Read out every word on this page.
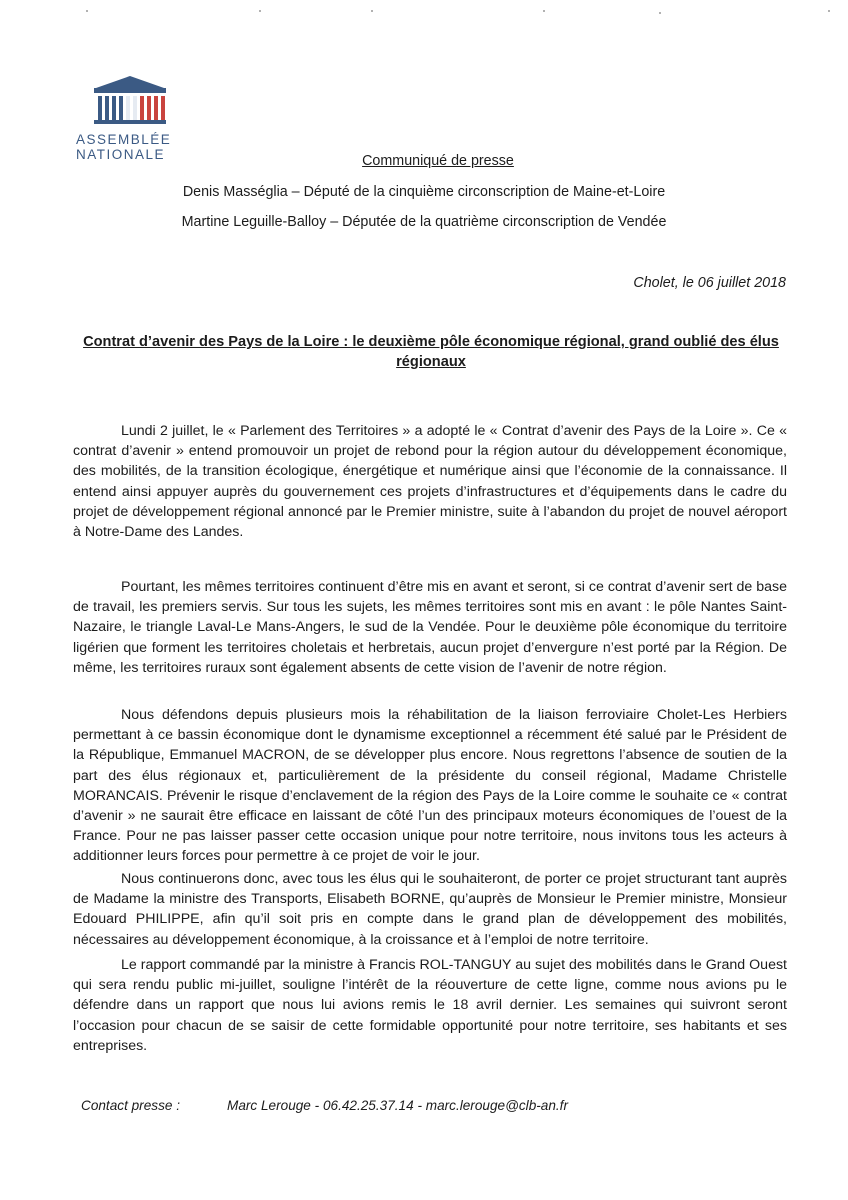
ASSEMBLÉE
NATIONALE	Communiqué de presse
Denis Masséglia – Député de la cinquième circonscription de Maine-et-Loire
Martine Leguille-Balloy – Députée de la quatrième circonscription de Vendée
Cholet, le 06 juillet 2018
Contrat d’avenir des Pays de la Loire : le deuxième pôle économique régional, grand oublié des élus régionaux

Lundi 2 juillet, le « Parlement des Territoires » a adopté le « Contrat d’avenir des Pays de la Loire ». Ce « contrat d’avenir » entend promouvoir un projet de rebond pour la région autour du développement économique, des mobilités, de la transition écologique, énergétique et numérique ainsi que l’économie de la connaissance. Il entend ainsi appuyer auprès du gouvernement ces projets d’infrastructures et d’équipements dans le cadre du projet de développement régional annoncé par le Premier ministre, suite à l’abandon du projet de nouvel aéroport à Notre-Dame des Landes.

Pourtant, les mêmes territoires continuent d’être mis en avant et seront, si ce contrat d’avenir sert de base de travail, les premiers servis. Sur tous les sujets, les mêmes territoires sont mis en avant : le pôle Nantes Saint-Nazaire, le triangle Laval-Le Mans-Angers, le sud de la Vendée. Pour le deuxième pôle économique du territoire ligérien que forment les territoires choletais et herbretais, aucun projet d’envergure n’est porté par la Région. De même, les territoires ruraux sont également absents de cette vision de l’avenir de notre région.

Nous défendons depuis plusieurs mois la réhabilitation de la liaison ferroviaire Cholet-Les Herbiers permettant à ce bassin économique dont le dynamisme exceptionnel a récemment été salué par le Président de la République, Emmanuel MACRON, de se développer plus encore. Nous regrettons l’absence de soutien de la part des élus régionaux et, particulièrement de la présidente du conseil régional, Madame Christelle MORANCAIS. Prévenir le risque d’enclavement de la région des Pays de la Loire comme le souhaite ce « contrat d’avenir » ne saurait être efficace en laissant de côté l’un des principaux moteurs économiques de l’ouest de la France. Pour ne pas laisser passer cette occasion unique pour notre territoire, nous invitons tous les acteurs à additionner leurs forces pour permettre à ce projet de voir le jour.

Nous continuerons donc, avec tous les élus qui le souhaiteront, de porter ce projet structurant tant auprès de Madame la ministre des Transports, Elisabeth BORNE, qu’auprès de Monsieur le Premier ministre, Monsieur Edouard PHILIPPE, afin qu’il soit pris en compte dans le grand plan de développement des mobilités, nécessaires au développement économique, à la croissance et à l’emploi de notre territoire.

Le rapport commandé par la ministre à Francis ROL-TANGUY au sujet des mobilités dans le Grand Ouest qui sera rendu public mi-juillet, souligne l’intérêt de la réouverture de cette ligne, comme nous avions pu le défendre dans un rapport que nous lui avions remis le 18 avril dernier. Les semaines qui suivront seront l’occasion pour chacun de se saisir de cette formidable opportunité pour notre territoire, ses habitants et ses entreprises.

Contact presse :	Marc Lerouge - 06.42.25.37.14 - marc.lerouge@clb-an.fr
